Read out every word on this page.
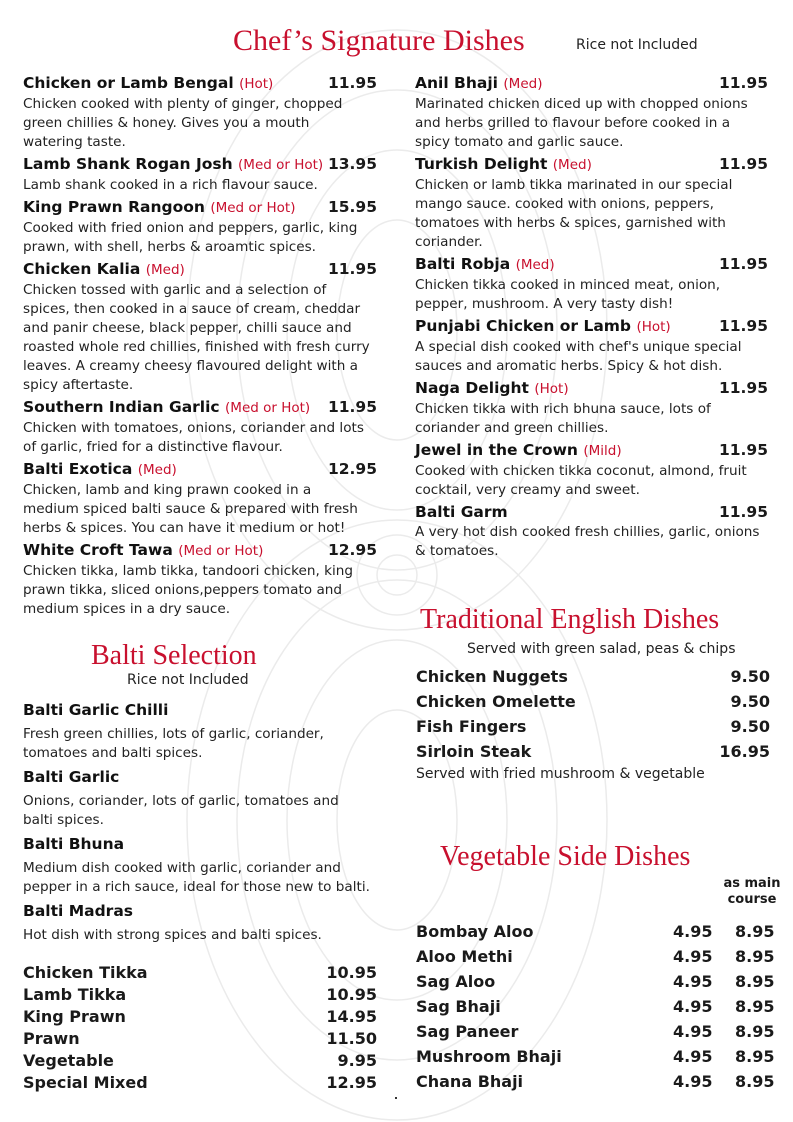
Chef’s Signature Dishes	Rice not Included
Chicken or Lamb Bengal (Hot)	11.95
Chicken cooked with plenty of ginger, chopped
green chillies & honey. Gives you a mouth
watering taste.
Lamb Shank Rogan Josh (Med or Hot) 13.95
Lamb shank cooked in a rich flavour sauce.
King Prawn Rangoon (Med or Hot)	15.95
Cooked with fried onion and peppers, garlic, king
prawn, with shell, herbs & aroamtic spices.
Chicken Kalia (Med)	11.95
Chicken tossed with garlic and a selection of
spices, then cooked in a sauce of cream, cheddar
and panir cheese, black pepper, chilli sauce and
roasted whole red chillies, finished with fresh curry
leaves. A creamy cheesy flavoured delight with a
spicy aftertaste.
Southern Indian Garlic (Med or Hot)	11.95
Chicken with tomatoes, onions, coriander and lots
of garlic, fried for a distinctive flavour.
Balti Exotica (Med)	12.95
Chicken, lamb and king prawn cooked in a
medium spiced balti sauce & prepared with fresh
herbs & spices. You can have it medium or hot!
White Croft Tawa (Med or Hot)	12.95
Chicken tikka, lamb tikka, tandoori chicken, king
prawn tikka, sliced onions,peppers tomato and
medium spices in a dry sauce.
Anil Bhaji (Med)	11.95
Marinated chicken diced up with chopped onions
and herbs grilled to flavour before cooked in a
spicy tomato and garlic sauce.
Turkish Delight (Med)	11.95
Chicken or lamb tikka marinated in our special
mango sauce. cooked with onions, peppers,
tomatoes with herbs & spices, garnished with
coriander.
Balti Robja (Med)	11.95
Chicken tikka cooked in minced meat, onion,
pepper, mushroom. A very tasty dish!
Punjabi Chicken or Lamb (Hot)	11.95
A special dish cooked with chef's unique special
sauces and aromatic herbs. Spicy & hot dish.
Naga Delight (Hot)	11.95
Chicken tikka with rich bhuna sauce, lots of
coriander and green chillies.
Jewel in the Crown (Mild)	11.95
Cooked with chicken tikka coconut, almond, fruit
cocktail, very creamy and sweet.
Balti Garm	11.95
A very hot dish cooked fresh chillies, garlic, onions
& tomatoes.
Balti Selection
Rice not Included
Balti Garlic Chilli
Fresh green chillies, lots of garlic, coriander,
tomatoes and balti spices.
Balti Garlic
Onions, coriander, lots of garlic, tomatoes and
balti spices.
Balti Bhuna
Medium dish cooked with garlic, coriander and
pepper in a rich sauce, ideal for those new to balti.
Balti Madras
Hot dish with strong spices and balti spices.
Chicken Tikka	10.95
Lamb Tikka	10.95
King Prawn	14.95
Prawn	11.50
Vegetable	9.95
Special Mixed	12.95
Traditional English Dishes
Served with green salad, peas & chips
Chicken Nuggets	9.50
Chicken Omelette	9.50
Fish Fingers	9.50
Sirloin Steak	16.95
Served with fried mushroom & vegetable
Vegetable Side Dishes
as main
course
Bombay Aloo	4.95 8.95
Aloo Methi	4.95 8.95
Sag Aloo	4.95 8.95
Sag Bhaji	4.95 8.95
Sag Paneer	4.95 8.95
Mushroom Bhaji	4.95 8.95
Chana Bhaji	4.95 8.95
